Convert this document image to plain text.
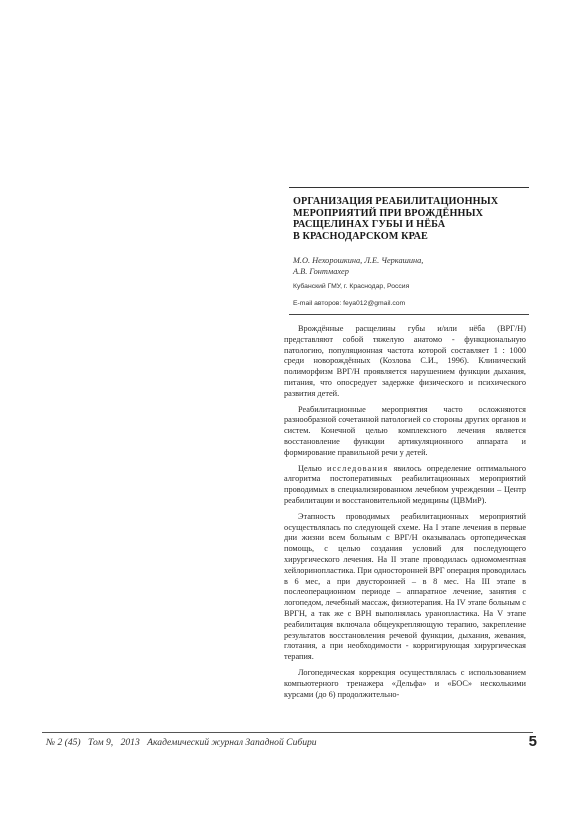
ОРГАНИЗАЦИЯ РЕАБИЛИТАЦИОННЫХ
МЕРОПРИЯТИЙ ПРИ ВРОЖДЁННЫХ
РАСЩЕЛИНАХ ГУБЫ И НЁБА
В КРАСНОДАРСКОМ КРАЕ
М.О. Нехорошкина, Л.Е. Черкашина,
А.В. Гонтмахер
Кубанский ГМУ, г. Краснодар, Россия
E-mail авторов: feya012@gmail.com

Врождённые расщелины губы и/или нёба (ВРГ/Н) представляют собой тяжелую анатомо - функциональную патологию, популяционная частота которой составляет 1 : 1000 среди новорождённых (Козлова С.И., 1996). Клинический полиморфизм ВРГ/Н проявляется нарушением функции дыхания, питания, что опосредует задержке физического и психического развития детей.

Реабилитационные мероприятия часто осложняются разнообразной сочетанной патологией со стороны других органов и систем. Конечной целью комплексного лечения является восстановление функции артикуляционного аппарата и формирование правильной речи у детей.

Целью исследования явилось определение оптимального алгоритма постоперативных реабилитационных мероприятий проводимых в специализированном лечебном учреждении – Центр реабилитации и восстановительной медицины (ЦВМиР).

Этапность проводимых реабилитационных мероприятий осуществлялась по следующей схеме. На I этапе лечения в первые дни жизни всем больным с ВРГ/Н оказывалась ортопедическая помощь, с целью создания условий для последующего хирургического лечения. На II этапе проводилась одномоментная хейлоринопластика. При односторонней ВРГ операция проводилась в 6 мес, а при двусторонней – в 8 мес. На III этапе в послеоперационном периоде – аппаратное лечение, занятия с логопедом, лечебный массаж, физиотерапия. На IV этапе больным с ВРГН, а так же с ВРН выполнялась уранопластика. На V этапе реабилитация включала общеукрепляющую терапию, закрепление результатов восстановления речевой функции, дыхания, жевания, глотания, а при необходимости - корригирующая хирургическая терапия.

Логопедическая коррекция осуществлялась с использованием компьютерного тренажера «Дельфа» и «БОС» несколькими курсами (до 6) продолжительно-

№ 2 (45) Том 9, 2013 Академический журнал Западной Сибири	5
